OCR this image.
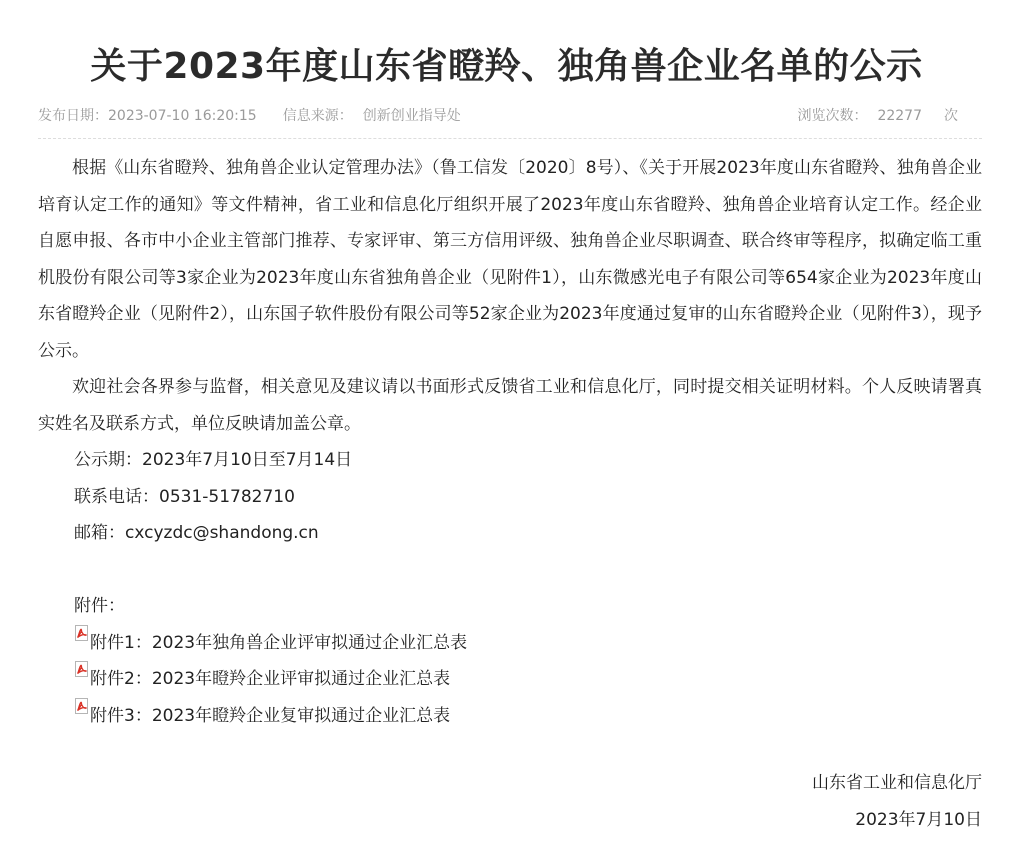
关于2023年度山东省瞪羚、独角兽企业名单的公示
发布日期：2023-07-10 16:20:15 信息来源： 创新创业指导处	浏览次数： 22277 次

根据《山东省瞪羚、独角兽企业认定管理办法》（鲁工信发〔2020〕8号）、《关于开展2023年度山东省瞪羚、独角兽企业培育认定工作的通知》等文件精神，省工业和信息化厅组织开展了2023年度山东省瞪羚、独角兽企业培育认定工作。经企业自愿申报、各市中小企业主管部门推荐、专家评审、第三方信用评级、独角兽企业尽职调查、联合终审等程序，拟确定临工重机股份有限公司等3家企业为2023年度山东省独角兽企业（见附件1），山东微感光电子有限公司等654家企业为2023年度山东省瞪羚企业（见附件2），山东国子软件股份有限公司等52家企业为2023年度通过复审的山东省瞪羚企业（见附件3），现予公示。

欢迎社会各界参与监督，相关意见及建议请以书面形式反馈省工业和信息化厅，同时提交相关证明材料。个人反映请署真实姓名及联系方式，单位反映请加盖公章。

公示期：2023年7月10日至7月14日

联系电话：0531-51782710

邮箱：cxcyzdc@shandong.cn

附件：

附件1：2023年独角兽企业评审拟通过企业汇总表
附件2：2023年瞪羚企业评审拟通过企业汇总表
附件3：2023年瞪羚企业复审拟通过企业汇总表

山东省工业和信息化厅

2023年7月10日
